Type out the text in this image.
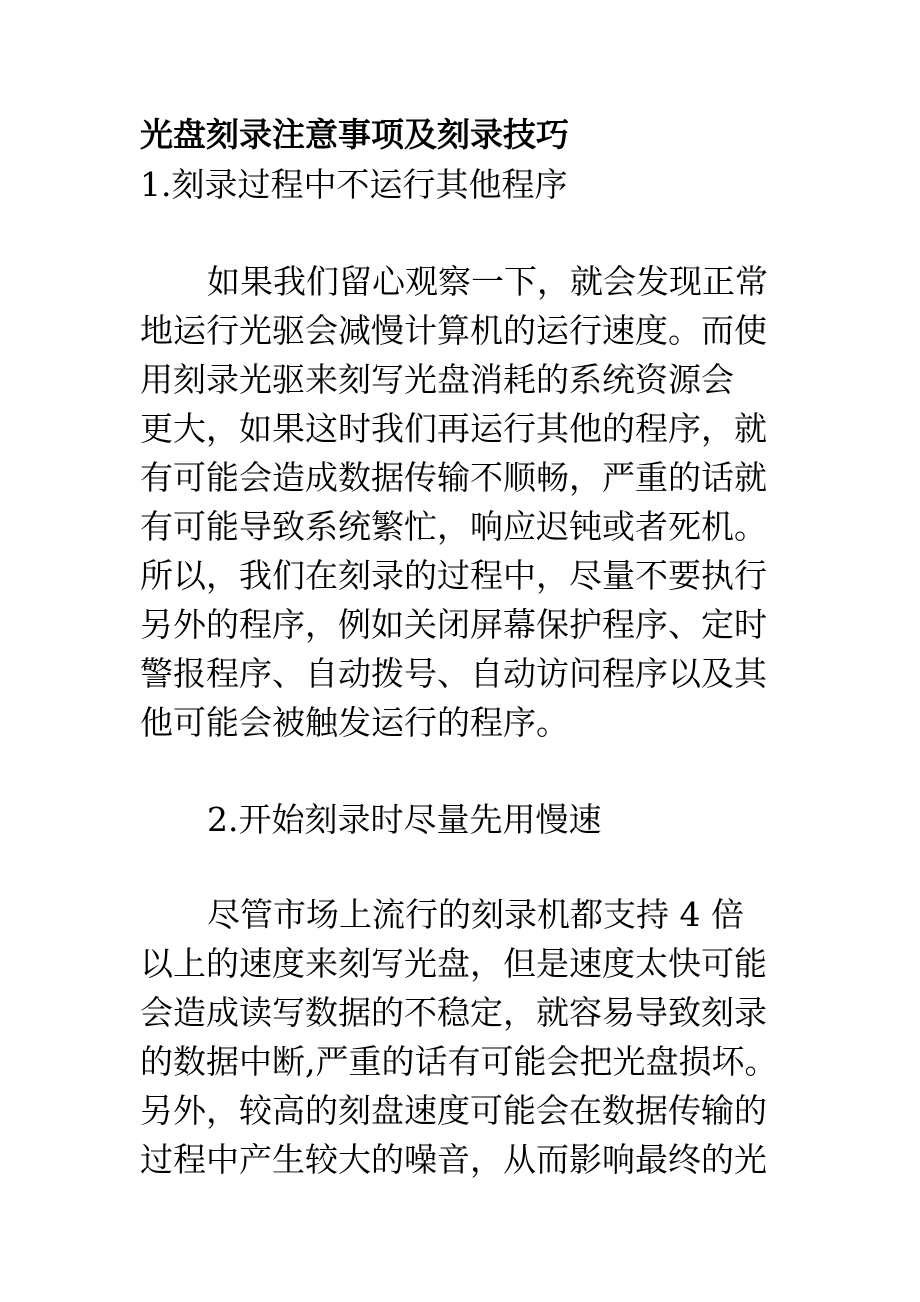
光盘刻录注意事项及刻录技巧
1.刻录过程中不运行其他程序
如果我们留心观察一下，就会发现正常
地运行光驱会减慢计算机的运行速度。而使
用刻录光驱来刻写光盘消耗的系统资源会
更大，如果这时我们再运行其他的程序，就
有可能会造成数据传输不顺畅，严重的话就
有可能导致系统繁忙，响应迟钝或者死机。
所以，我们在刻录的过程中，尽量不要执行
另外的程序，例如关闭屏幕保护程序、定时
警报程序、自动拨号、自动访问程序以及其
他可能会被触发运行的程序。
2.开始刻录时尽量先用慢速
尽管市场上流行的刻录机都支持 4 倍
以上的速度来刻写光盘，但是速度太快可能
会造成读写数据的不稳定，就容易导致刻录
的数据中断,严重的话有可能会把光盘损坏。
另外，较高的刻盘速度可能会在数据传输的
过程中产生较大的噪音，从而影响最终的光
